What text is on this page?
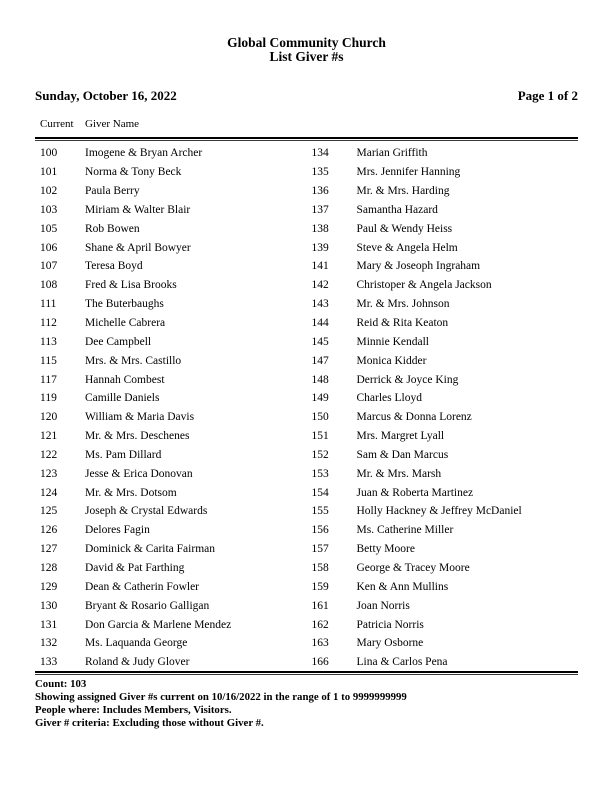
Global Community Church
List Giver #s
Sunday, October 16, 2022	Page 1 of 2
Current	Giver Name
100	Imogene & Bryan Archer
101	Norma & Tony Beck
102	Paula Berry
103	Miriam & Walter Blair
105	Rob Bowen
106	Shane & April Bowyer
107	Teresa Boyd
108	Fred & Lisa Brooks
111	The Buterbaughs
112	Michelle Cabrera
113	Dee Campbell
115	Mrs. & Mrs. Castillo
117	Hannah Combest
119	Camille Daniels
120	William & Maria Davis
121	Mr. & Mrs. Deschenes
122	Ms. Pam Dillard
123	Jesse & Erica Donovan
124	Mr. & Mrs. Dotsom
125	Joseph & Crystal Edwards
126	Delores Fagin
127	Dominick & Carita Fairman
128	David & Pat Farthing
129	Dean & Catherin Fowler
130	Bryant & Rosario Galligan
131	Don Garcia & Marlene Mendez
132	Ms. Laquanda George
133	Roland & Judy Glover
134	Marian Griffith
135	Mrs. Jennifer Hanning
136	Mr. & Mrs. Harding
137	Samantha Hazard
138	Paul & Wendy Heiss
139	Steve & Angela Helm
141	Mary & Joseoph Ingraham
142	Christoper & Angela Jackson
143	Mr. & Mrs. Johnson
144	Reid & Rita Keaton
145	Minnie Kendall
147	Monica Kidder
148	Derrick & Joyce King
149	Charles Lloyd
150	Marcus & Donna Lorenz
151	Mrs. Margret Lyall
152	Sam & Dan Marcus
153	Mr. & Mrs. Marsh
154	Juan & Roberta Martinez
155	Holly Hackney & Jeffrey McDaniel
156	Ms. Catherine Miller
157	Betty Moore
158	George & Tracey Moore
159	Ken & Ann Mullins
161	Joan Norris
162	Patricia Norris
163	Mary Osborne
166	Lina & Carlos Pena
Count: 103
Showing assigned Giver #s current on 10/16/2022 in the range of 1 to 9999999999
People where: Includes Members, Visitors.
Giver # criteria: Excluding those without Giver #.
